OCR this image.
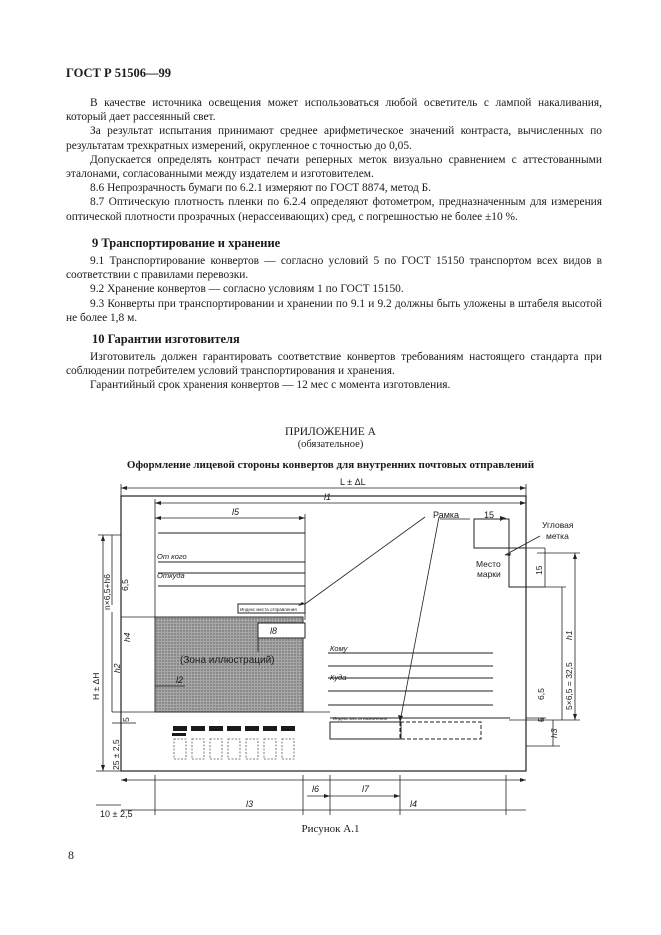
ГОСТ Р 51506—99

В качестве источника освещения может использоваться любой осветитель с лампой накаливания, который дает рассеянный свет.

За результат испытания принимают среднее арифметическое значений контраста, вычисленных по результатам трехкратных измерений, округленное с точностью до 0,05.

Допускается определять контраст печати реперных меток визуально сравнением с аттестованными эталонами, согласованными между издателем и изготовителем.

8.6 Непрозрачность бумаги по 6.2.1 измеряют по ГОСТ 8874, метод Б.

8.7 Оптическую плотность пленки по 6.2.4 определяют фотометром, предназначенным для измерения оптической плотности прозрачных (нерассеивающих) сред, с погрешностью не более ±10 %.

9 Транспортирование и хранение

9.1 Транспортирование конвертов — согласно условий 5 по ГОСТ 15150 транспортом всех видов в соответствии с правилами перевозки.

9.2 Хранение конвертов — согласно условиям 1 по ГОСТ 15150.

9.3 Конверты при транспортировании и хранении по 9.1 и 9.2 должны быть уложены в штабеля высотой не более 1,8 м.

10 Гарантии изготовителя

Изготовитель должен гарантировать соответствие конвертов требованиям настоящего стандарта при соблюдении потребителем условий транспортирования и хранения.

Гарантийный срок хранения конвертов — 12 мес с момента изготовления.

ПРИЛОЖЕНИЕ А
(обязательное)
Оформление лицевой стороны конвертов для внутренних почтовых отправлений
L ± ΔL
l1
l5	Рамка	15
Угловая
метка
Место
марки
От кого
Откуда
Кому
Куда
(Зона иллюстраций)
Индекс места отправления
Индекс места назначения
l8
l2
l6	l7
l3	l4
10 ± 2,5
n×6,5+h6
H ± ΔH
h2
h4
6,5
5
25 ± 2,5
h1
5×6,5 = 32,5
6,5
5
15
h3
Рисунок А.1
8
